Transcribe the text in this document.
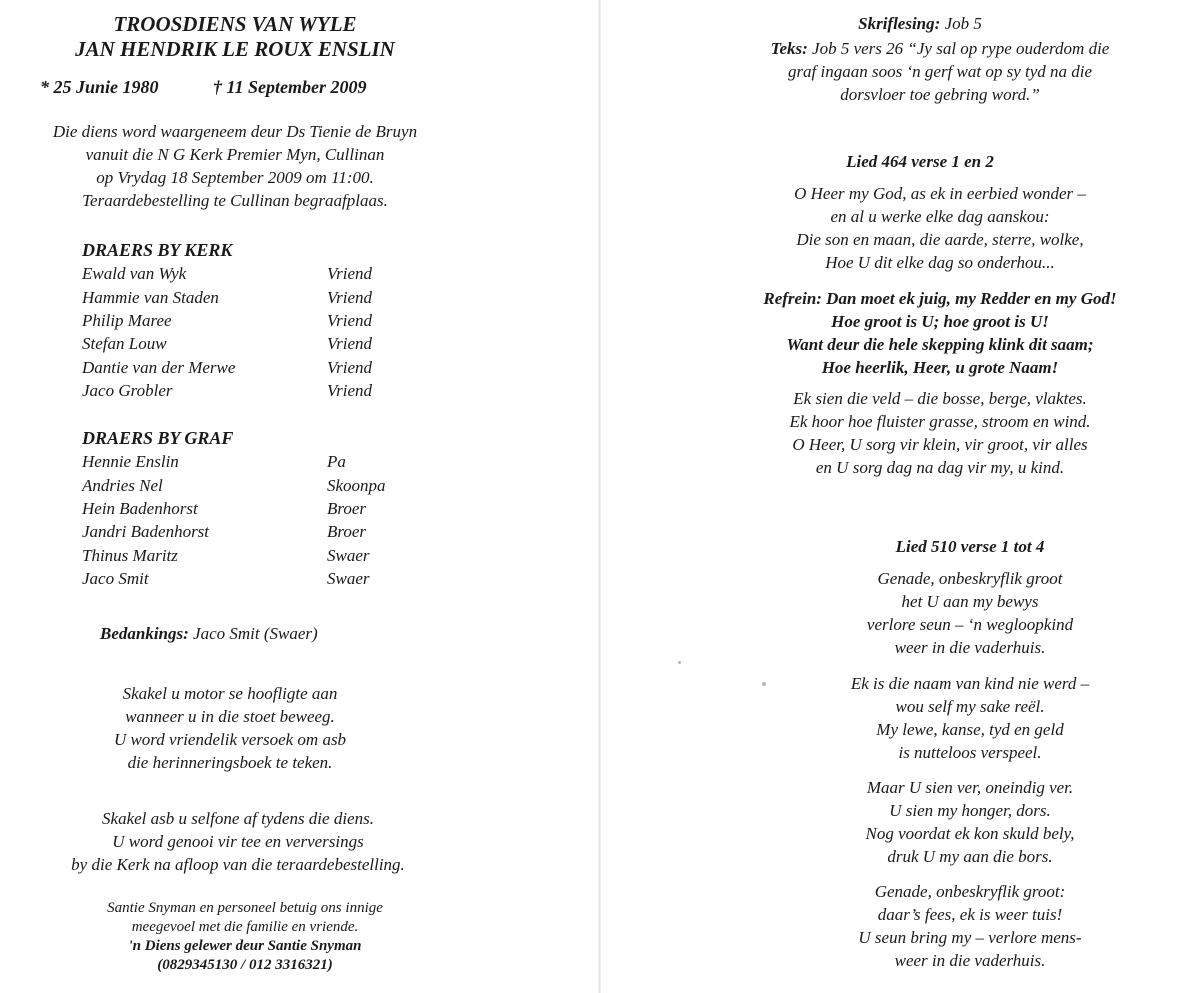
TROOSDIENS VAN WYLE
JAN HENDRIK LE ROUX ENSLIN
* 25 Junie 1980	† 11 September 2009
Die diens word waargeneem deur Ds Tienie de Bruyn
vanuit die N G Kerk Premier Myn, Cullinan
op Vrydag 18 September 2009 om 11:00.
Teraardebestelling te Cullinan begraafplaas.
DRAERS BY KERK
Ewald van Wyk	Vriend
Hammie van Staden	Vriend
Philip Maree	Vriend
Stefan Louw	Vriend
Dantie van der Merwe	Vriend
Jaco Grobler	Vriend
DRAERS BY GRAF
Hennie Enslin	Pa
Andries Nel	Skoonpa
Hein Badenhorst	Broer
Jandri Badenhorst	Broer
Thinus Maritz	Swaer
Jaco Smit	Swaer
Bedankings: Jaco Smit (Swaer)
Skakel u motor se hoofligte aan
wanneer u in die stoet beweeg.
U word vriendelik versoek om asb
die herinneringsboek te teken.
Skakel asb u selfone af tydens die diens.
U word genooi vir tee en verversings
by die Kerk na afloop van die teraardebestelling.
Santie Snyman en personeel betuig ons innige
meegevoel met die familie en vriende.
'n Diens gelewer deur Santie Snyman
(0829345130 / 012 3316321)
Skriflesing: Job 5
Teks: Job 5 vers 26 “Jy sal op rype ouderdom die
graf ingaan soos ‘n gerf wat op sy tyd na die
dorsvloer toe gebring word.”
Lied 464 verse 1 en 2
O Heer my God, as ek in eerbied wonder –
en al u werke elke dag aanskou:
Die son en maan, die aarde, sterre, wolke,
Hoe U dit elke dag so onderhou...
Refrein: Dan moet ek juig, my Redder en my God!
Hoe groot is U; hoe groot is U!
Want deur die hele skepping klink dit saam;
Hoe heerlik, Heer, u grote Naam!
Ek sien die veld – die bosse, berge, vlaktes.
Ek hoor hoe fluister grasse, stroom en wind.
O Heer, U sorg vir klein, vir groot, vir alles
en U sorg dag na dag vir my, u kind.
Lied 510 verse 1 tot 4
Genade, onbeskryflik groot
het U aan my bewys
verlore seun – ‘n wegloopkind
weer in die vaderhuis.
Ek is die naam van kind nie werd –
wou self my sake reël.
My lewe, kanse, tyd en geld
is nutteloos verspeel.
Maar U sien ver, oneindig ver.
U sien my honger, dors.
Nog voordat ek kon skuld bely,
druk U my aan die bors.
Genade, onbeskryflik groot:
daar’s fees, ek is weer tuis!
U seun bring my – verlore mens-
weer in die vaderhuis.
